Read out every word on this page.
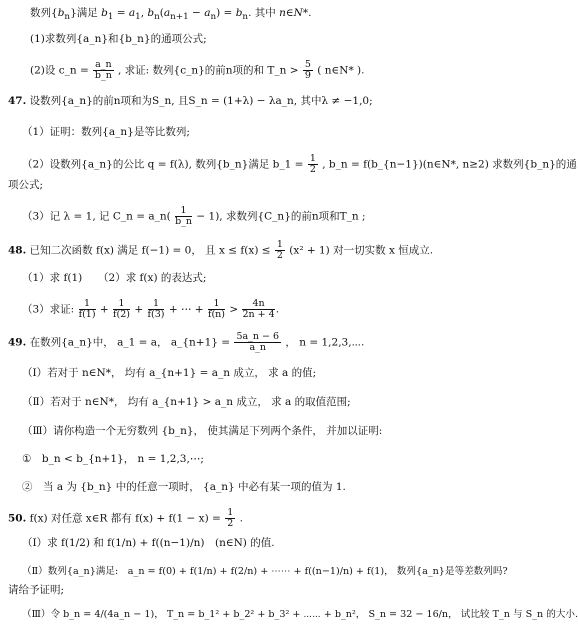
数列$\{b_n\}$满足 $b_1 = a_1$, $b_n(a_{n+1} - a_n) = b_n$. 其中 n∈N*.
(1)求数列{a_n}和{b_n}的通项公式;
(2)设 c_n = $\frac{a\_n}{b\_n}$ , 求证: 数列{c_n}的前n项的和 T_n > $\frac{5}{9}$ ( n∈N* ).
47. 设数列{a_n}的前n项和为S_n, 且S_n = (1+λ) − λa_n, 其中λ ≠ −1,0;
（1）证明：数列{a_n}是等比数列;
（2）设数列{a_n}的公比 q = f(λ), 数列{b_n}满足 b_1 = $\frac{1}{2}$ , b_n = f(b_{n−1})(n∈N*, n≥2) 求数列{b_n}的通
项公式;
（3）记 λ = 1, 记 C_n = a_n( $\frac{1}{b\_n} - 1$), 求数列{C_n}的前n项和T_n ;
48. 已知二次函数 f(x) 满足 f(−1) = 0， 且 $x \le f(x) \le \frac{1}{2} (x^2 + 1)$ 对一切实数 x 恒成立.
（1）求 f(1)　　（2）求 f(x) 的表达式;
（3）求证: $\frac{1}{f(1)} + \frac{1}{f(2)} + \frac{1}{f(3)}$ + ⋯ + $\frac{1}{f(n)} > \frac{4n}{2n + 4}$ .
49. 在数列{a_n}中， a_1 = a， a_{n+1} = $\frac{5a\_n - 6}{a\_n}$ ， n = 1,2,3,⋯.
（Ⅰ）若对于 n∈N*， 均有 a_{n+1} = a_n 成立， 求 a 的值;
（Ⅱ）若对于 n∈N*， 均有 a_{n+1} > a_n 成立， 求 a 的取值范围;
（Ⅲ）请你构造一个无穷数列 {b_n}， 使其满足下列两个条件， 并加以证明:
①　b_n < b_{n+1}， n = 1,2,3,⋯;
②　当 a 为 {b_n} 中的任意一项时， {a_n} 中必有某一项的值为 1.
50. f(x) 对任意 x∈R 都有 $f(x) + f(1 - x) = \frac{1}{2}$ .
（Ⅰ）求 f(1/2) 和 f(1/n) + f((n−1)/n)　(n∈N) 的值.
（Ⅱ）数列{a_n}满足:　a_n = f(0) + f(1/n) + f(2/n) + ⋯⋯ + f((n−1)/n) + f(1)， 数列{a_n}是等差数列吗?
请给予证明;
（Ⅲ）令 b_n = 4/(4a_n − 1)， T_n = b_1² + b_2² + b_3² + ⋯⋯ + b_n²， S_n = 32 − 16/n， 试比较 T_n 与 S_n 的大小.
